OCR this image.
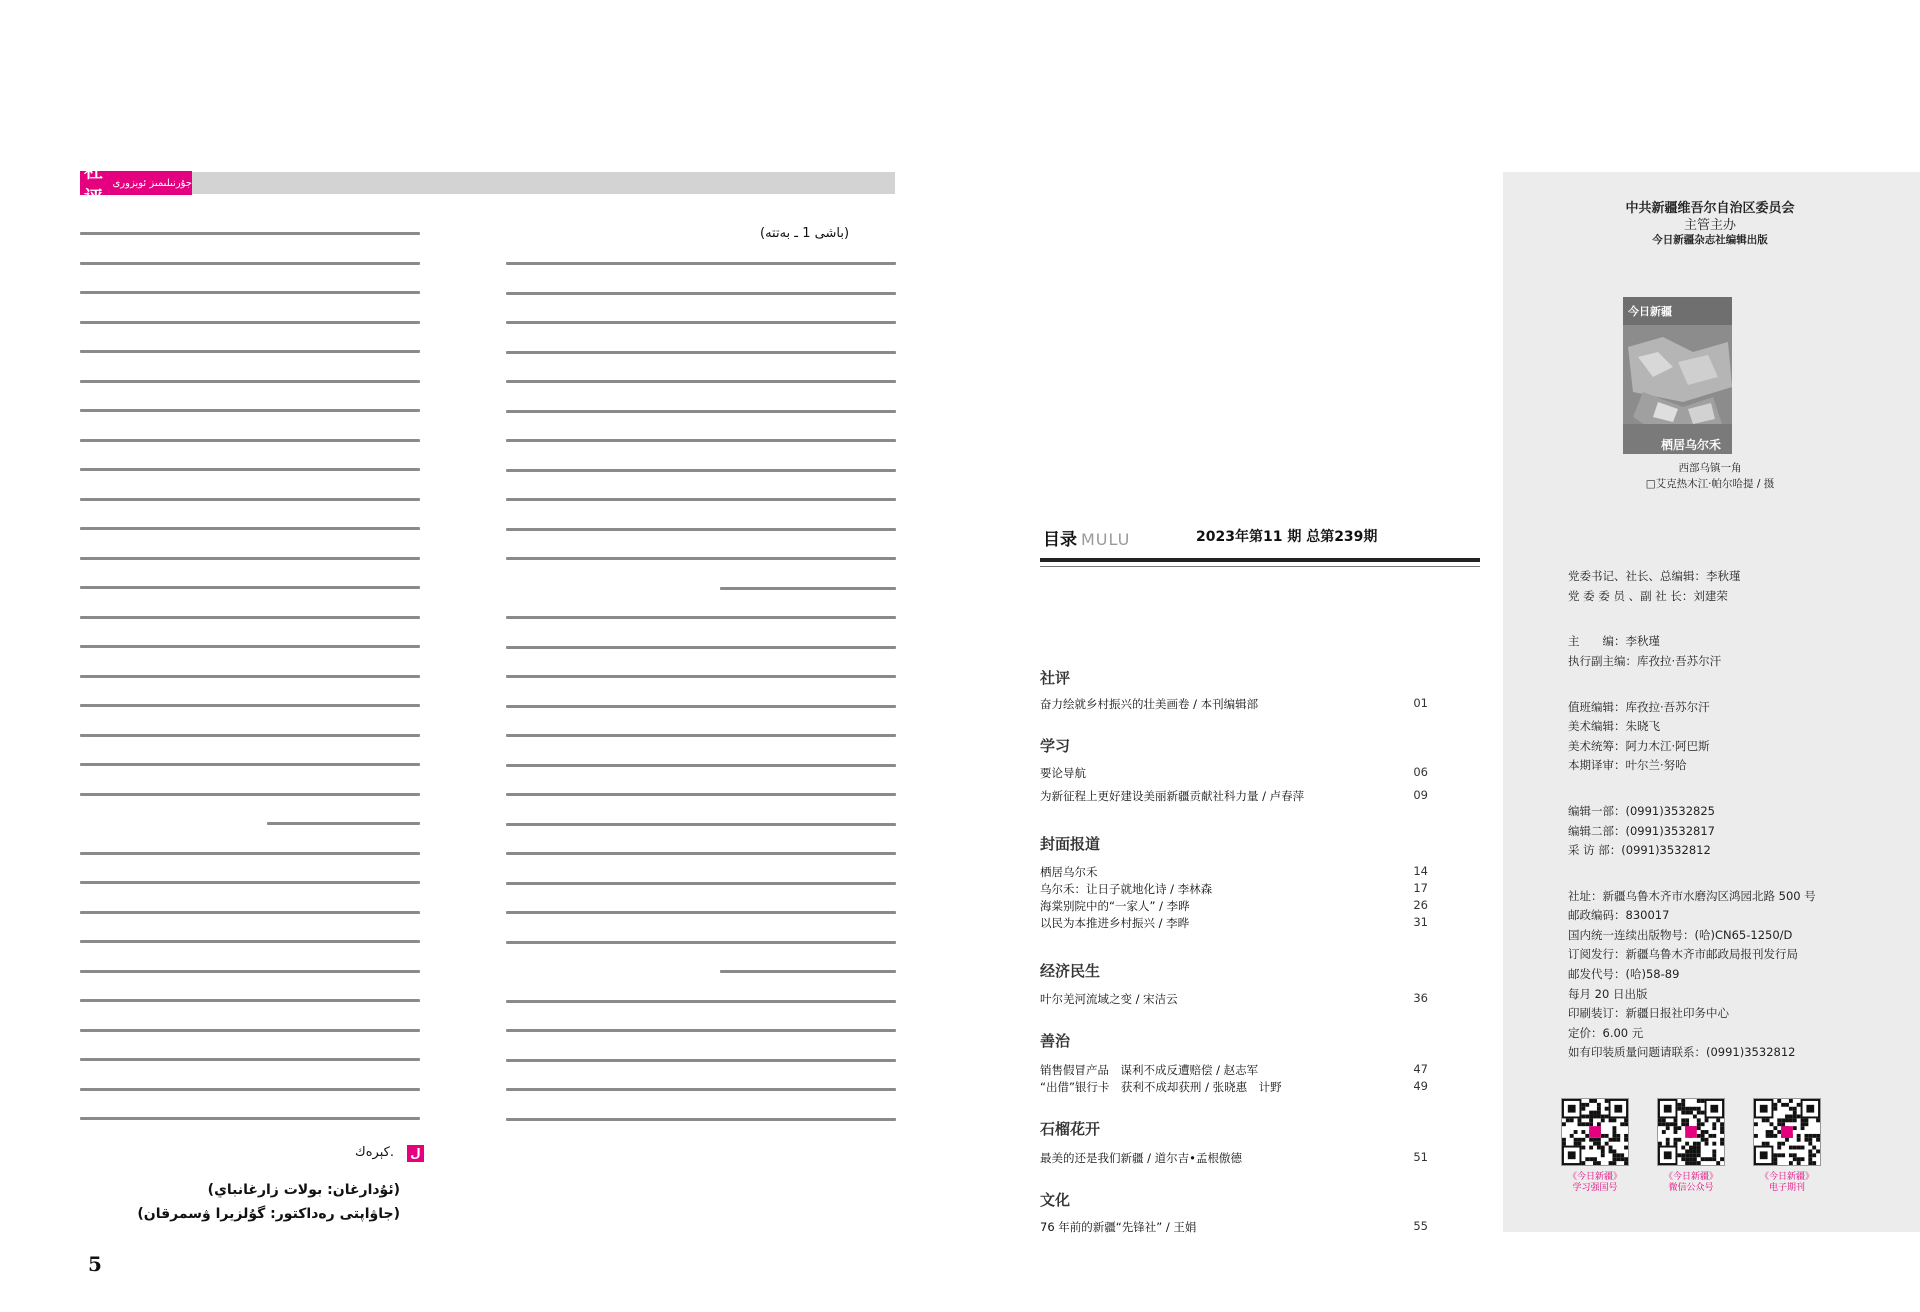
社评
جۇرنىلىمىز ئوبزورى
(باشى 1 ـ بەتتە)
كېرەك. ل
(ئۇدارغان: بولات زارغانباي)
(جاۋاپتى رەداكتور: گۇلزيرا ۋسمرقان)
5
目录 MULU	2023年第11 期 总第239期
社评
奋力绘就乡村振兴的壮美画卷 / 本刊编辑部	01
学习
要论导航	06
为新征程上更好建设美丽新疆贡献社科力量 / 卢春萍	09
封面报道
栖居乌尔禾	14
乌尔禾：让日子就地化诗 / 李林森	17
海棠别院中的“一家人” / 李晔	26
以民为本推进乡村振兴 / 李晔	31
经济民生
叶尔羌河流域之变 / 宋洁云	36
善治
销售假冒产品　谋利不成反遭赔偿 / 赵志军	47
“出借”银行卡　获利不成却获刑 / 张晓惠　计野	49
石榴花开
最美的还是我们新疆 / 道尔吉•孟根傲德	51
文化
76 年前的新疆“先锋社” / 王娟	55
中共新疆维吾尔自治区委员会
主管主办
今日新疆杂志社编辑出版
今日新疆
栖居乌尔禾
西部乌镇一角
□艾克热木江·帕尔哈提 / 摄
党委书记、社长、总编辑：李秋瑾
党 委 委 员 、副 社 长：刘建荣
主　　编：李秋瑾
执行副主编：库孜拉·吾苏尔汗
值班编辑：库孜拉·吾苏尔汗
美术编辑：朱晓飞
美术统筹：阿力木江·阿巴斯
本期译审：叶尔兰·努哈
编辑一部：(0991)3532825
编辑二部：(0991)3532817
采 访 部：(0991)3532812
社址：新疆乌鲁木齐市水磨沟区鸿园北路 500 号
邮政编码：830017
国内统一连续出版物号：(哈)CN65-1250/D
订阅发行：新疆乌鲁木齐市邮政局报刊发行局
邮发代号：(哈)58-89
每月 20 日出版
印刷装订：新疆日报社印务中心
定价：6.00 元
如有印装质量问题请联系：(0991)3532812
《今日新疆》
学习强国号
《今日新疆》
微信公众号
《今日新疆》
电子期刊
